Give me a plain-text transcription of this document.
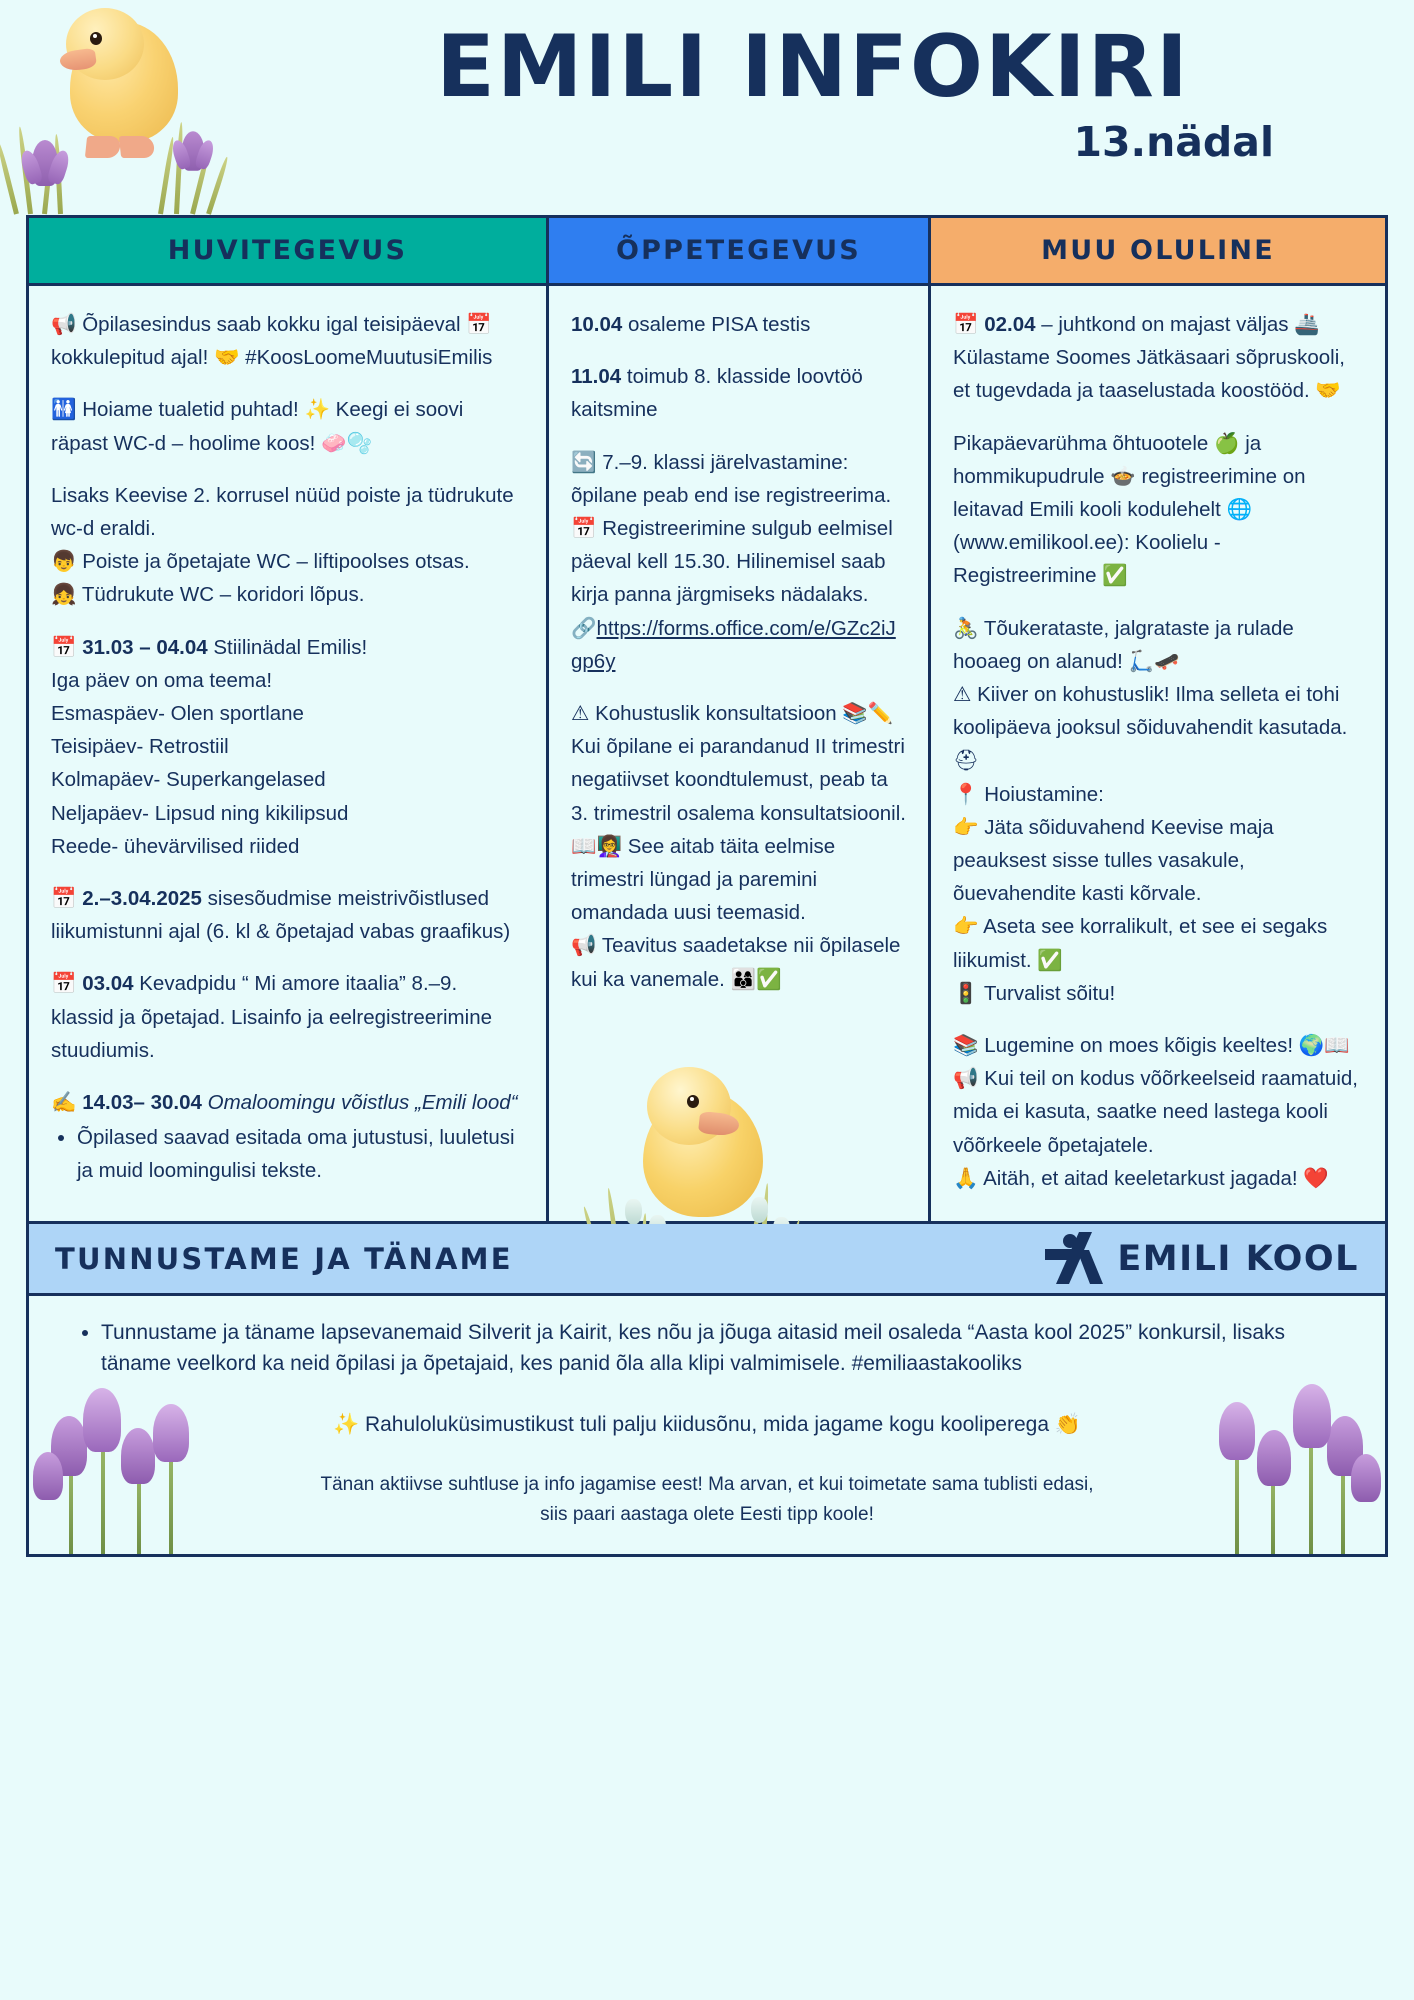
EMILI INFOKIRI
13.nädal
HUVITEGEVUS	ÕPPETEGEVUS	MUU OLULINE

📢 Õpilasesindus saab kokku igal teisipäeval 📅 kokkulepitud ajal! 🤝 #KoosLoomeMuutusiEmilis

🚻 Hoiame tualetid puhtad! ✨ Keegi ei soovi räpast WC-d – hoolime koos! 🧼🫧

Lisaks Keevise 2. korrusel nüüd poiste ja tüdrukute wc-d eraldi.

👦 Poiste ja õpetajate WC – liftipoolses otsas.

👧 Tüdrukute WC – koridori lõpus.

📅 31.03 – 04.04 Stiilinädal Emilis!

Iga päev on oma teema!

Esmaspäev- Olen sportlane

Teisipäev- Retrostiil

Kolmapäev- Superkangelased

Neljapäev- Lipsud ning kikilipsud

Reede- ühevärvilised riided

📅 2.–3.04.2025 sisesõudmise meistrivõistlused liikumistunni ajal (6. kl & õpetajad vabas graafikus)

📅 03.04 Kevadpidu “ Mi amore itaalia” 8.–9. klassid ja õpetajad. Lisainfo ja eelregistreerimine stuudiumis.

✍️ 14.03– 30.04 Omaloomingu võistlus „Emili lood“

• Õpilased saavad esitada oma jutustusi, luuletusi ja muid loomingulisi tekste.

10.04 osaleme PISA testis

11.04 toimub 8. klasside loovtöö kaitsmine

🔄 7.–9. klassi järelvastamine: õpilane peab end ise registreerima.

📅 Registreerimine sulgub eelmisel päeval kell 15.30. Hilinemisel saab kirja panna järgmiseks nädalaks.

🔗https://forms.office.com/e/GZc2iJgp6y

⚠ Kohustuslik konsultatsioon 📚✏️

Kui õpilane ei parandanud II trimestri negatiivset koondtulemust, peab ta 3. trimestril osalema konsultatsioonil. 📖👩‍🏫 See aitab täita eelmise trimestri lüngad ja paremini omandada uusi teemasid.

📢 Teavitus saadetakse nii õpilasele kui ka vanemale. 👨‍👩‍👦✅

📅 02.04 – juhtkond on majast väljas 🚢

Külastame Soomes Jätkäsaari sõpruskooli, et tugevdada ja taaselustada koostööd. 🤝

Pikapäevarühma õhtuootele 🍏 ja hommikupudrule 🍲 registreerimine on leitavad Emili kooli kodulehelt 🌐 (www.emilikool.ee): Koolielu - Registreerimine ✅

🚴 Tõukerataste, jalgrataste ja rulade hooaeg on alanud! 🛴🛹

⚠ Kiiver on kohustuslik! Ilma selleta ei tohi koolipäeva jooksul sõiduvahendit kasutada. ⛑

📍 Hoiustamine:

👉 Jäta sõiduvahend Keevise maja peauksest sisse tulles vasakule, õuevahendite kasti kõrvale.

👉 Aseta see korralikult, et see ei segaks liikumist. ✅

🚦 Turvalist sõitu!

📚 Lugemine on moes kõigis keeltes! 🌍📖

📢 Kui teil on kodus võõrkeelseid raamatuid, mida ei kasuta, saatke need lastega kooli võõrkeele õpetajatele.

🙏 Aitäh, et aitad keeletarkust jagada! ❤️

TUNNUSTAME JA TÄNAME	EMILI KOOL
• Tunnustame ja täname lapsevanemaid Silverit ja Kairit, kes nõu ja jõuga aitasid meil osaleda “Aasta kool 2025” konkursil, lisaks täname veelkord ka neid õpilasi ja õpetajaid, kes panid õla alla klipi valmimisele. #emiliaastakooliks
✨ Rahuloluküsimustikust tuli palju kiidusõnu, mida jagame kogu kooliperega 👏
Tänan aktiivse suhtluse ja info jagamise eest! Ma arvan, et kui toimetate sama tublisti edasi,
siis paari aastaga olete Eesti tipp koole!
